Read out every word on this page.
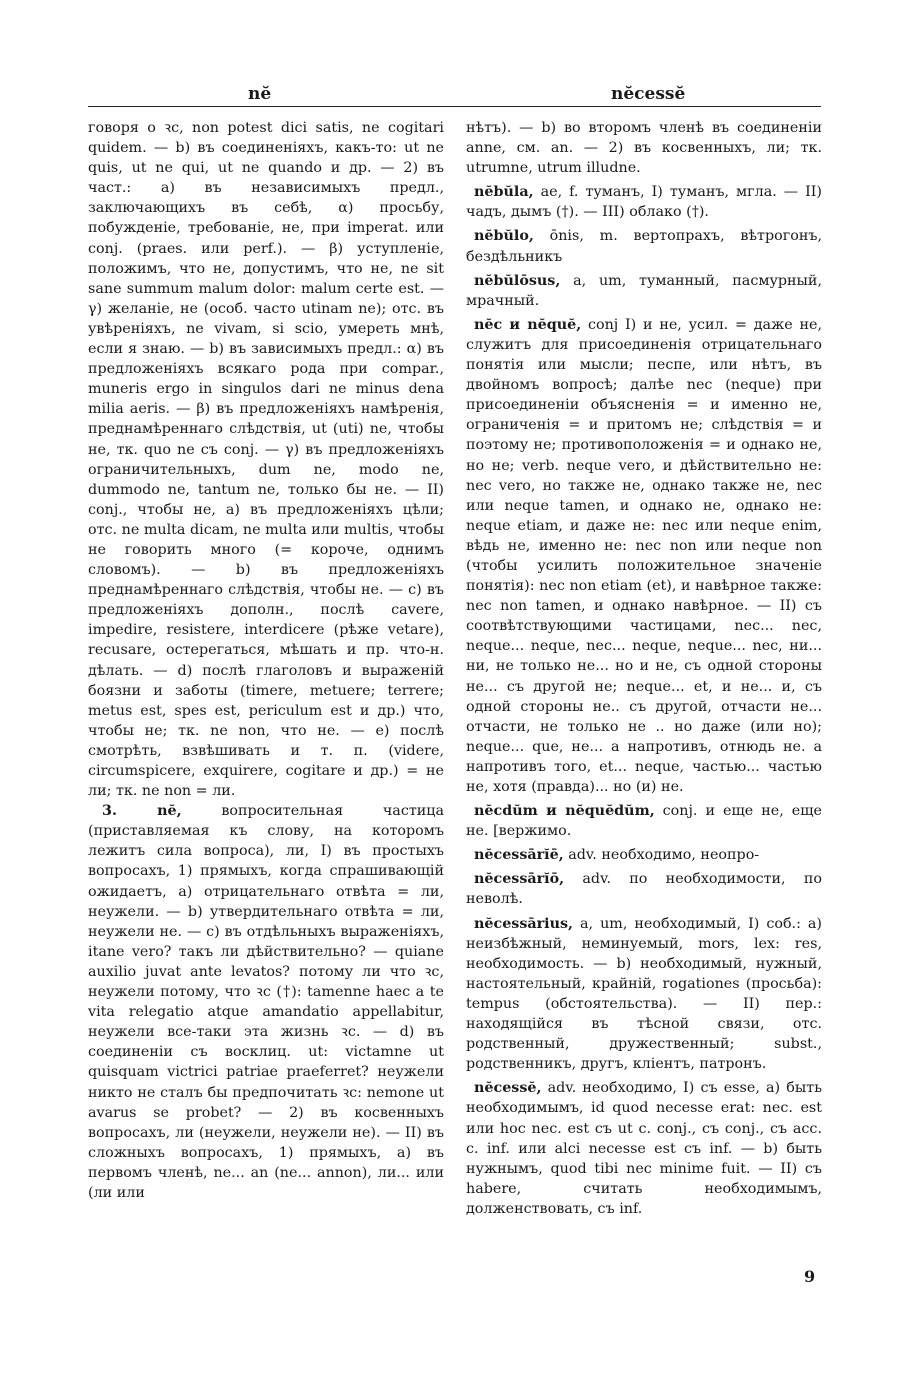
nĕ	nĕcessĕ

говоря о ꝛc, non potest dici satis, ne cogitari quidem. — b) въ соединеніяхъ, какъ-то: ut ne quis, ut ne qui, ut ne quando и др. — 2) въ част.: a) въ независимыхъ предл., заключающихъ въ себѣ, α) просьбу, побужденіе, требованіе, не, при imperat. или conj. (praes. или perf.). — β) уступленіе, положимъ, что не, допустимъ, что не, ne sit sane summum malum dolor: malum certe est. — γ) желаніе, не (особ. часто utinam ne); отс. въ увѣреніяхъ, ne vivam, si scio, умереть мнѣ, если я знаю. — b) въ зависимыхъ предл.: α) въ предложеніяхъ всякаго рода при compar., muneris ergo in singulos dari ne minus dena milia aeris. — β) въ предложеніяхъ намѣренія, преднамѣреннаго слѣдствія, ut (uti) ne, чтобы не, тк. quo ne съ conj. — γ) въ предложеніяхъ ограничительныхъ, dum ne, modo ne, dummodo ne, tantum ne, только бы не. — II) conj., чтобы не, a) въ предложеніяхъ цѣли; отс. ne multa dicam, ne multa или multis, чтобы не говорить много (= короче, однимъ словомъ). — b) въ предложеніяхъ преднамѣреннаго слѣдствія, чтобы не. — c) въ предложеніяхъ дополн., послѣ cavere, impedire, resistere, interdicere (рѣже vetare), recusare, остерегаться, мѣшать и пр. что-н. дѣлать. — d) послѣ глаголовъ и выраженій боязни и заботы (timere, metuere; terrere; metus est, spes est, periculum est и др.) что, чтобы не; тк. ne non, что не. — e) послѣ смотрѣть, взвѣшивать и т. п. (videre, circumspicere, exquirere, cogitare и др.) = не ли; тк. ne non = ли.

3. nĕ, вопросительная частица (приставляемая къ слову, на которомъ лежитъ сила вопроса), ли, I) въ простыхъ вопросахъ, 1) прямыхъ, когда спрашивающій ожидаетъ, a) отрицательнаго отвѣта = ли, неужели. — b) утвердительнаго отвѣта = ли, неужели не. — c) въ отдѣльныхъ выраженіяхъ, itane vero? такъ ли дѣйствительно? — quiane auxilio juvat ante levatos? потому ли что ꝛc, неужели потому, что ꝛc (†): tamenne haec a te vita relegatio atque amandatio appellabitur, неужели все-таки эта жизнь ꝛc. — d) въ соединеніи съ восклиц. ut: victamne ut quisquam victrici patriae praeferret? неужели никто не сталъ бы предпочитать ꝛc: nemone ut avarus se probet? — 2) въ косвенныхъ вопросахъ, ли (неужели, неужели не). — II) въ сложныхъ вопросахъ, 1) прямыхъ, a) въ первомъ членѣ, ne... an (ne... annon), ли... или (ли или

нѣтъ). — b) во второмъ членѣ въ соединеніи anne, см. an. — 2) въ косвенныхъ, ли; тк. utrumne, utrum illudne.

nĕbŭla, ae, f. туманъ, I) туманъ, мгла. — II) чадъ, дымъ (†). — III) облако (†).

nĕbŭlo, ōnis, m. вертопрахъ, вѣтрогонъ, бездѣльникъ

nĕbŭlōsus, a, um, туманный, пасмурный, мрачный.

nĕc и nĕquĕ, conj I) и не, усил. = даже не, служитъ для присоединенія отрицательнаго понятія или мысли; песпе, или нѣтъ, въ двойномъ вопросѣ; далѣе nec (neque) при присоединеніи объясненія = и именно не, ограниченія = и притомъ не; слѣдствія = и поэтому не; противоположенія = и однако не, но не; verb. neque vero, и дѣйствительно не: nec vero, но также не, однако также не, nec или neque tamen, и однако не, однако не: neque etiam, и даже не: nec или neque enim, вѣдь не, именно не: nec non или neque non (чтобы усилить положительное значеніе понятія): nec non etiam (et), и навѣрное также: nec non tamen, и однако навѣрное. — II) съ соотвѣтствующими частицами, nec... nec, neque... neque, nec... neque, neque... nec, ни... ни, не только не... но и не, съ одной стороны не... съ другой не; neque... et, и не... и, съ одной стороны не.. съ другой, отчасти не... отчасти, не только не .. но даже (или но); neque... que, не... а напротивъ, отнюдь не. а напротивъ того, et... neque, частью... частью не, хотя (правда)... но (и) не.

nĕcdŭm и nĕquĕdŭm, conj. и еще не, еще не. [вержимо.

nĕcessārĭē, adv. необходимо, неопро-

nĕcessārĭō, adv. по необходимости, по неволѣ.

nĕcessārius, a, um, необходимый, I) соб.: a) неизбѣжный, неминуемый, mors, lex: res, необходимость. — b) необходимый, нужный, настоятельный, крайній, rogationes (просьба): tempus (обстоятельства). — II) пер.: находящійся въ тѣсной связи, отс. родственный, дружественный; subst., родственникъ, другъ, кліентъ, патронъ.

nĕcessĕ, adv. необходимо, I) съ esse, a) быть необходимымъ, id quod necesse erat: nec. est или hoc nec. est съ ut c. conj., съ conj., съ acc. c. inf. или alci necesse est съ inf. — b) быть нужнымъ, quod tibi nec minime fuit. — II) съ habere, считать необходимымъ, долженствовать, съ inf.

9
